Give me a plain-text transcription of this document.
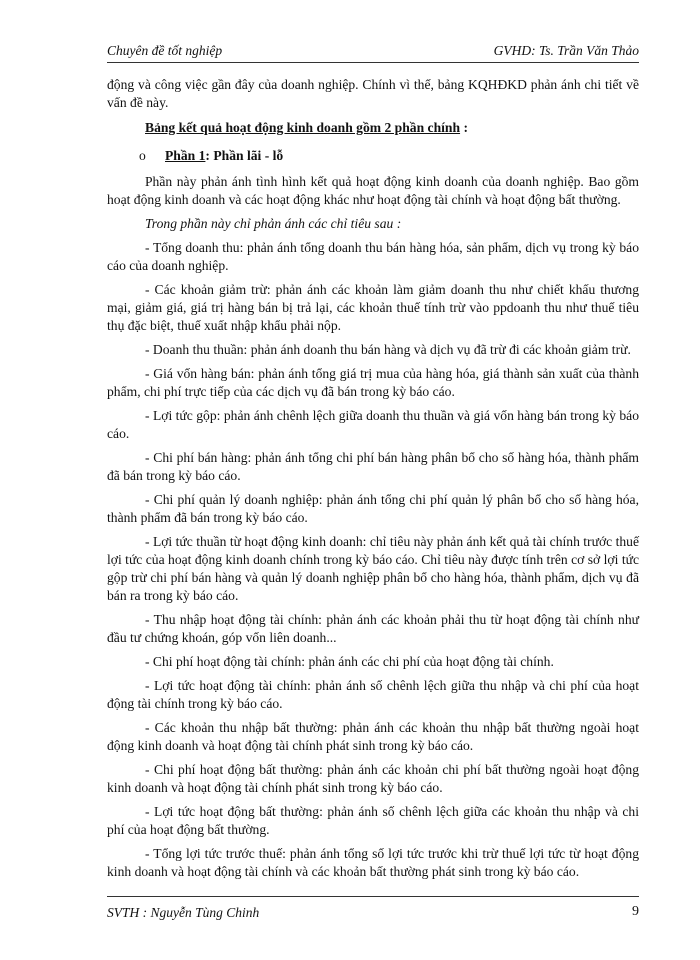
Chuyên đề tốt nghiệp	GVHD: Ts. Trần Văn Thảo

động và công việc gần đây của doanh nghiệp. Chính vì thế, bảng KQHĐKD phản ánh chi tiết về vấn đề này.

Bảng kết quả hoạt động kinh doanh gồm 2 phần chính :

o Phần 1: Phần lãi - lỗ

Phần này phản ánh tình hình kết quả hoạt động kinh doanh của doanh nghiệp. Bao gồm hoạt động kinh doanh và các hoạt động khác như hoạt động tài chính và hoạt động bất thường.

Trong phần này chỉ phản ánh các chỉ tiêu sau :

- Tổng doanh thu: phản ánh tổng doanh thu bán hàng hóa, sản phẩm, dịch vụ trong kỳ báo cáo của doanh nghiệp.

- Các khoản giảm trừ: phản ánh các khoản làm giảm doanh thu như chiết khấu thương mại, giảm giá, giá trị hàng bán bị trả lại, các khoản thuế tính trừ vào ppdoanh thu như thuế tiêu thụ đặc biệt, thuế xuất nhập khẩu phải nộp.

- Doanh thu thuần: phản ánh doanh thu bán hàng và dịch vụ đã trừ đi các khoản giảm trừ.

- Giá vốn hàng bán: phản ánh tổng giá trị mua của hàng hóa, giá thành sản xuất của thành phẩm, chi phí trực tiếp của các dịch vụ đã bán trong kỳ báo cáo.

- Lợi tức gộp: phản ánh chênh lệch giữa doanh thu thuần và giá vốn hàng bán trong kỳ báo cáo.

- Chi phí bán hàng: phản ánh tổng chi phí bán hàng phân bổ cho số hàng hóa, thành phẩm đã bán trong kỳ báo cáo.

- Chi phí quản lý doanh nghiệp: phản ánh tổng chi phí quản lý phân bổ cho số hàng hóa, thành phẩm đã bán trong kỳ báo cáo.

- Lợi tức thuần từ hoạt động kinh doanh: chỉ tiêu này phản ánh kết quả tài chính trước thuế lợi tức của hoạt động kinh doanh chính trong kỳ báo cáo. Chỉ tiêu này được tính trên cơ sở lợi tức gộp trừ chi phí bán hàng và quản lý doanh nghiệp phân bổ cho hàng hóa, thành phẩm, dịch vụ đã bán ra trong kỳ báo cáo.

- Thu nhập hoạt động tài chính: phản ánh các khoản phải thu từ hoạt động tài chính như đầu tư chứng khoán, góp vốn liên doanh...

- Chi phí hoạt động tài chính: phản ánh các chi phí của hoạt động tài chính.

- Lợi tức hoạt động tài chính: phản ánh số chênh lệch giữa thu nhập và chi phí của hoạt động tài chính trong kỳ báo cáo.

- Các khoản thu nhập bất thường: phản ánh các khoản thu nhập bất thường ngoài hoạt động kinh doanh và hoạt động tài chính phát sinh trong kỳ báo cáo.

- Chi phí hoạt động bất thường: phản ánh các khoản chi phí bất thường ngoài hoạt động kinh doanh và hoạt động tài chính phát sinh trong kỳ báo cáo.

- Lợi tức hoạt động bất thường: phản ánh số chênh lệch giữa các khoản thu nhập và chi phí của hoạt động bất thường.

- Tổng lợi tức trước thuế: phản ánh tổng số lợi tức trước khi trừ thuế lợi tức từ hoạt động kinh doanh và hoạt động tài chính và các khoản bất thường phát sinh trong kỳ báo cáo.

SVTH : Nguyễn Tùng Chinh	9
